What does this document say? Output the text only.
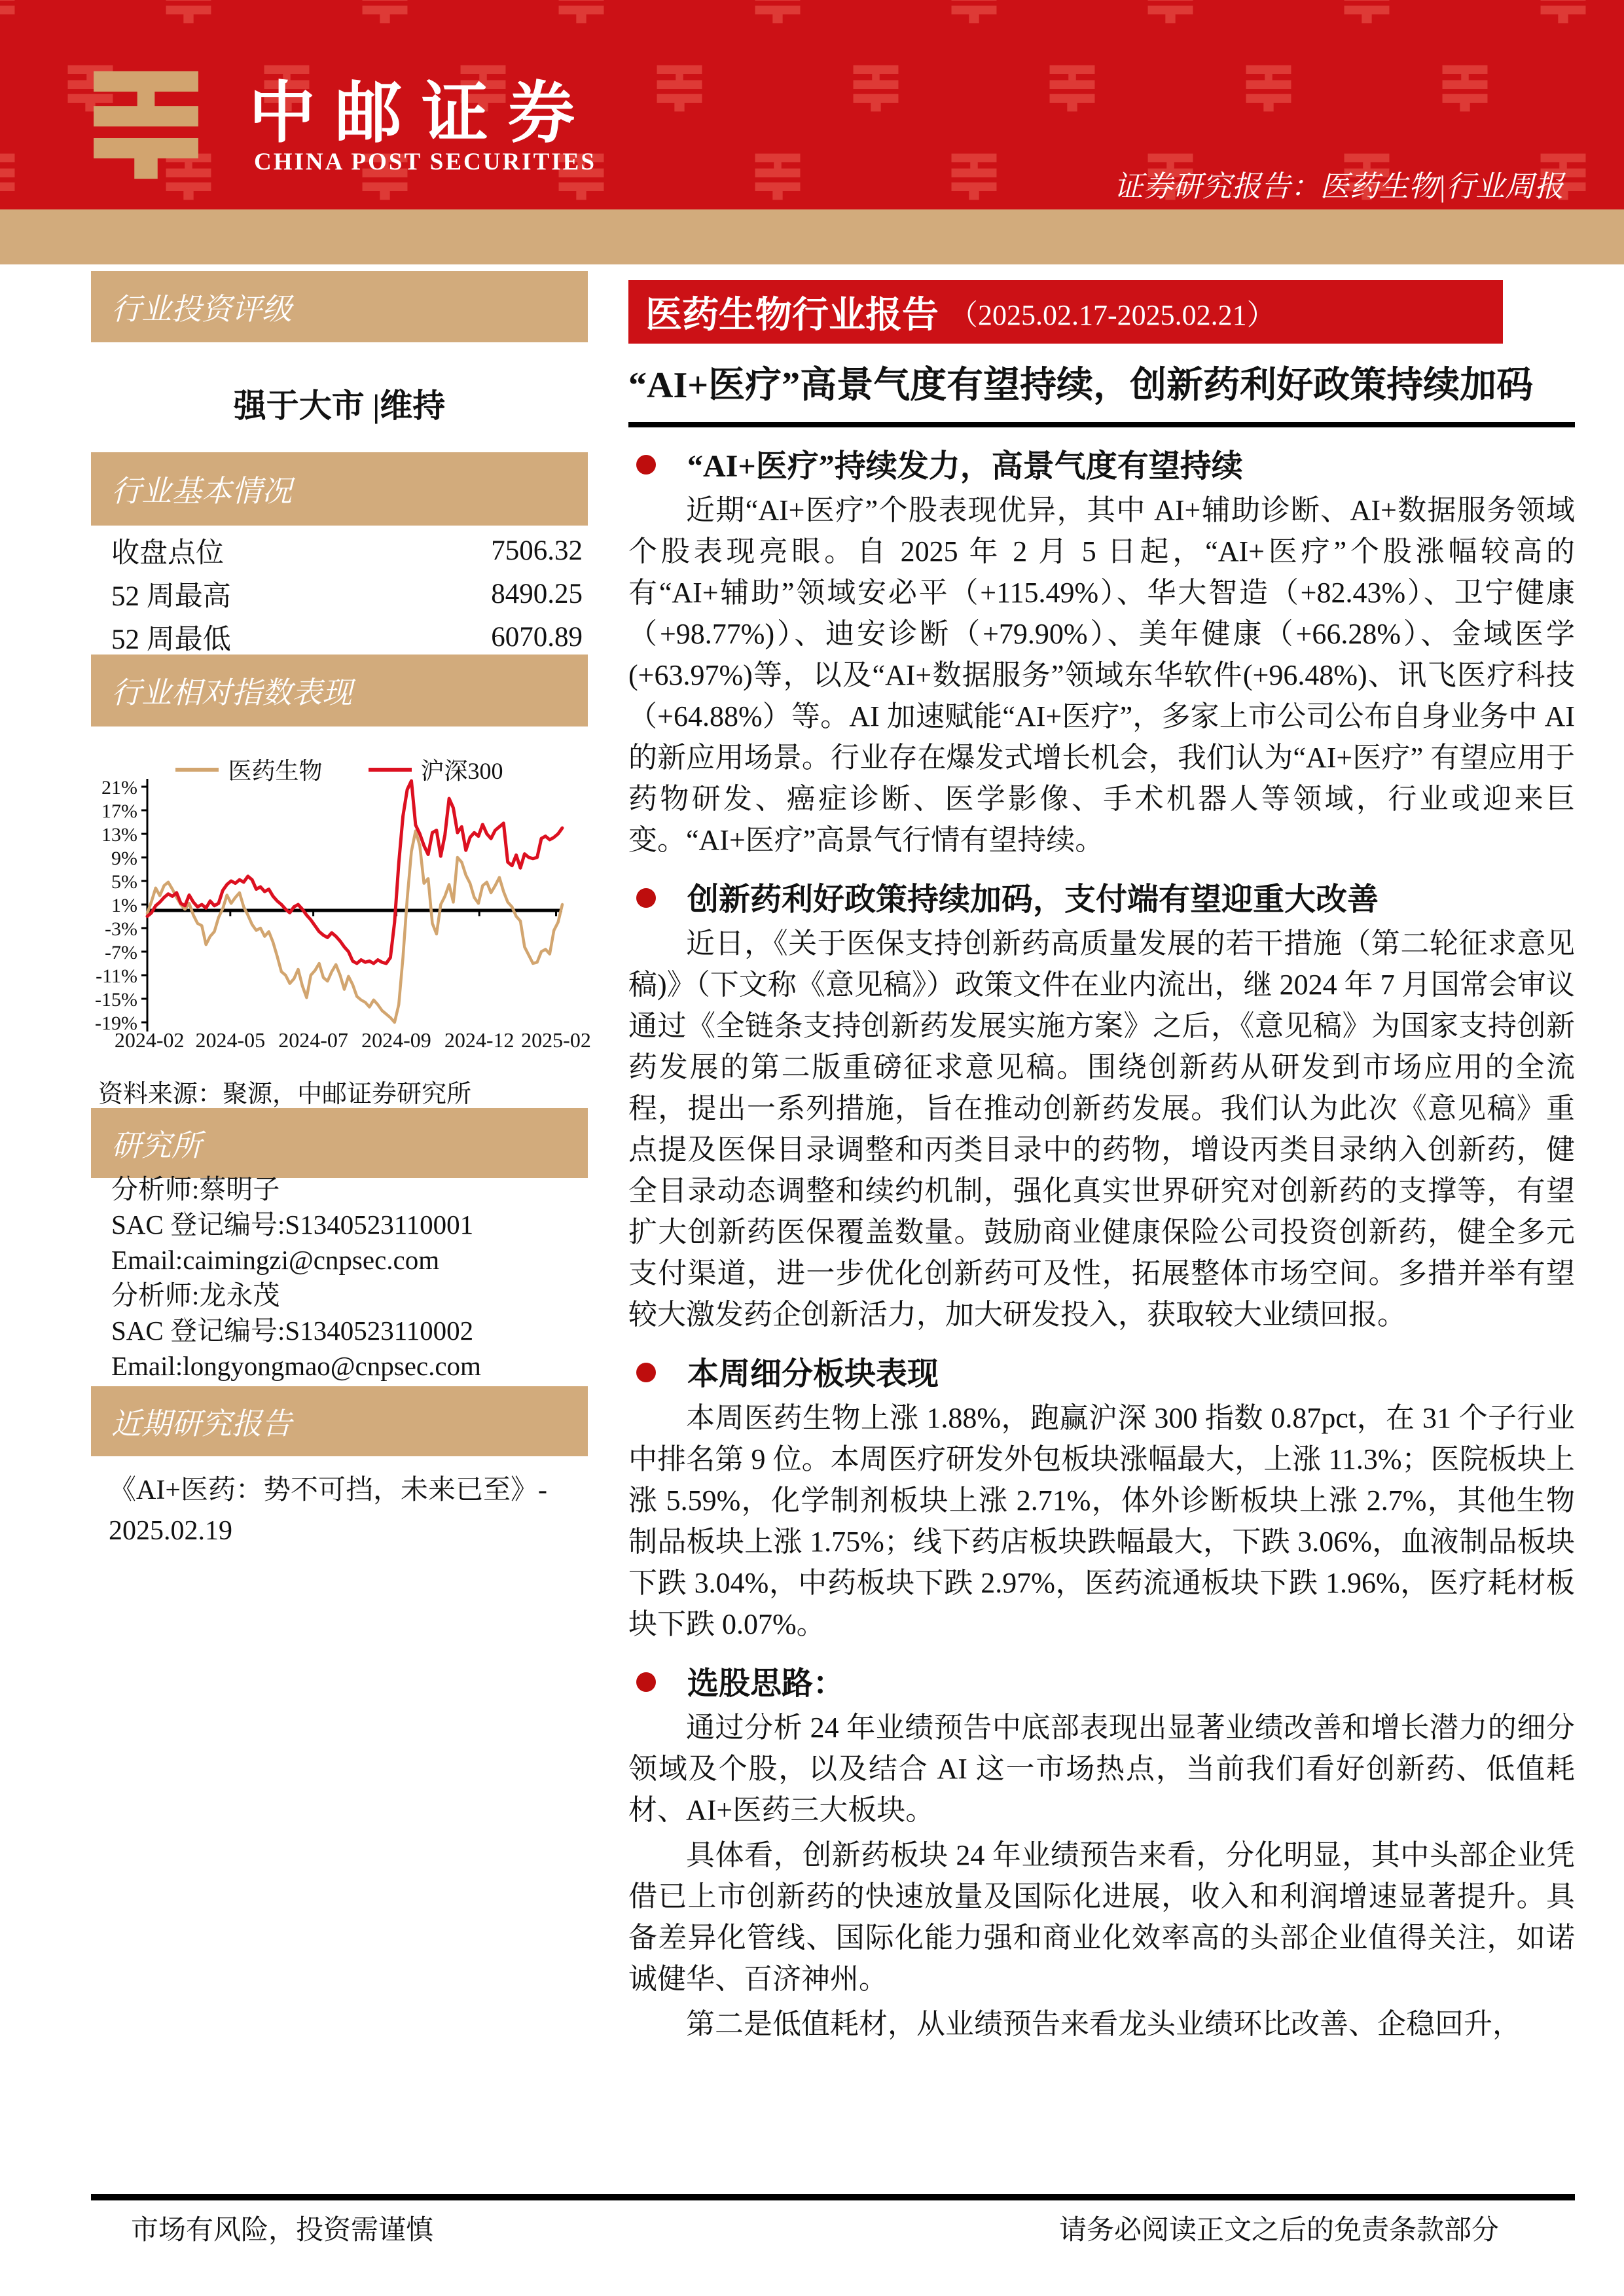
中邮证券
CHINA POST SECURITIES
证券研究报告：医药生物|行业周报
2025 年 2 月 23 日
行业投资评级
强于大市 |维持
行业基本情况
收盘点位	7506.32
52 周最高	8490.25
52 周最低	6070.89
行业相对指数表现
医药生物	沪深300
21%
17%
13%
9%
5%
1%
-3%
-7%
-11%
-15%
-19%
2024-02 2024-05 2024-07 2024-09 2024-12 2025-02
资料来源：聚源，中邮证券研究所
研究所
分析师:蔡明子
SAC 登记编号:S1340523110001
Email:caimingzi@cnpsec.com
分析师:龙永茂
SAC 登记编号:S1340523110002
Email:longyongmao@cnpsec.com
近期研究报告
《AI+医药：势不可挡，未来已至》-
2025.02.19
医药生物行业报告 （2025.02.17-2025.02.21）
“AI+医疗”高景气度有望持续，创新药利好政策持续加码
“AI+医疗”持续发力，高景气度有望持续

近期“AI+医疗”个股表现优异，其中 AI+辅助诊断、AI+数据服务领域个股表现亮眼。自 2025 年 2 月 5 日起，“AI+医疗”个股涨幅较高的有“AI+辅助”领域安必平（+115.49%）、华大智造（+82.43%）、卫宁健康（+98.77%)）、迪安诊断（+79.90%）、美年健康（+66.28%）、金域医学(+63.97%)等，以及“AI+数据服务”领域东华软件(+96.48%)、讯飞医疗科技（+64.88%）等。AI 加速赋能“AI+医疗”，多家上市公司公布自身业务中 AI 的新应用场景。行业存在爆发式增长机会，我们认为“AI+医疗” 有望应用于药物研发、癌症诊断、医学影像、手术机器人等领域，行业或迎来巨变。“AI+医疗”高景气行情有望持续。

创新药利好政策持续加码，支付端有望迎重大改善

近日，《关于医保支持创新药高质量发展的若干措施（第二轮征求意见稿)》（下文称《意见稿》）政策文件在业内流出，继 2024 年 7 月国常会审议通过《全链条支持创新药发展实施方案》之后，《意见稿》为国家支持创新药发展的第二版重磅征求意见稿。围绕创新药从研发到市场应用的全流程，提出一系列措施，旨在推动创新药发展。我们认为此次《意见稿》重点提及医保目录调整和丙类目录中的药物，增设丙类目录纳入创新药，健全目录动态调整和续约机制，强化真实世界研究对创新药的支撑等，有望扩大创新药医保覆盖数量。鼓励商业健康保险公司投资创新药，健全多元支付渠道，进一步优化创新药可及性，拓展整体市场空间。多措并举有望较大激发药企创新活力，加大研发投入，获取较大业绩回报。

本周细分板块表现

本周医药生物上涨 1.88%，跑赢沪深 300 指数 0.87pct，在 31 个子行业中排名第 9 位。本周医疗研发外包板块涨幅最大，上涨 11.3%；医院板块上涨 5.59%，化学制剂板块上涨 2.71%，体外诊断板块上涨 2.7%，其他生物制品板块上涨 1.75%；线下药店板块跌幅最大，下跌 3.06%，血液制品板块下跌 3.04%，中药板块下跌 2.97%，医药流通板块下跌 1.96%，医疗耗材板块下跌 0.07%。

选股思路：

通过分析 24 年业绩预告中底部表现出显著业绩改善和增长潜力的细分领域及个股，以及结合 AI 这一市场热点，当前我们看好创新药、低值耗材、AI+医药三大板块。

具体看，创新药板块 24 年业绩预告来看，分化明显，其中头部企业凭借已上市创新药的快速放量及国际化进展，收入和利润增速显著提升。具备差异化管线、国际化能力强和商业化效率高的头部企业值得关注，如诺诚健华、百济神州。

第二是低值耗材，从业绩预告来看龙头业绩环比改善、企稳回升，

市场有风险，投资需谨慎	请务必阅读正文之后的免责条款部分
